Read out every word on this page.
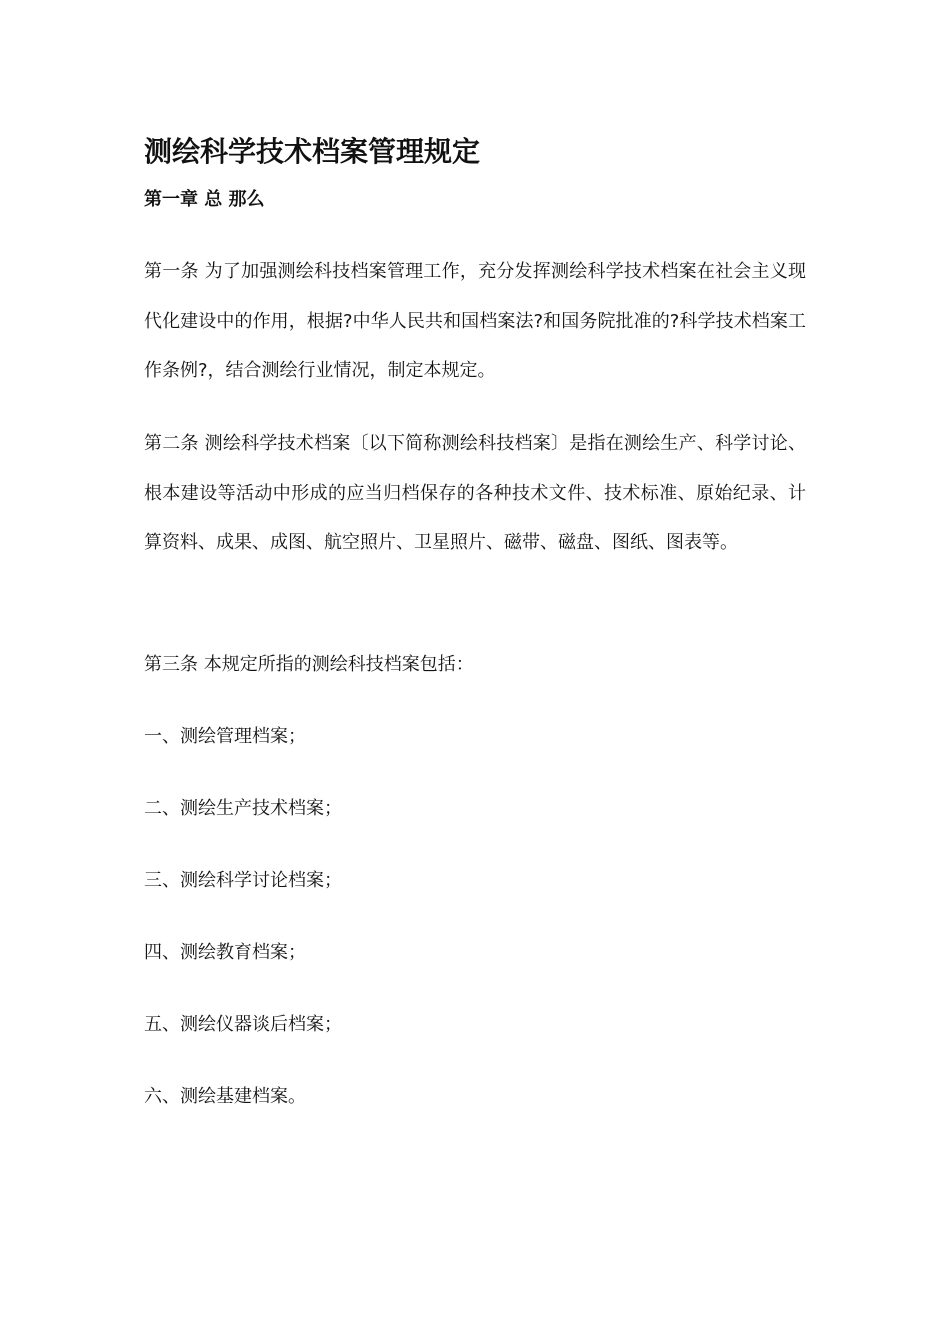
测绘科学技术档案管理规定
第一章 总 那么
第一条 为了加强测绘科技档案管理工作，充分发挥测绘科学技术档案在社会主义现代化建设中的作用，根据?中华人民共和国档案法?和国务院批准的?科学技术档案工作条例?，结合测绘行业情况，制定本规定。
第二条 测绘科学技术档案〔以下简称测绘科技档案〕是指在测绘生产、科学讨论、根本建设等活动中形成的应当归档保存的各种技术文件、技术标准、原始纪录、计算资料、成果、成图、航空照片、卫星照片、磁带、磁盘、图纸、图表等。
第三条 本规定所指的测绘科技档案包括：
一、测绘管理档案；
二、测绘生产技术档案；
三、测绘科学讨论档案；
四、测绘教育档案；
五、测绘仪器谈后档案；
六、测绘基建档案。
